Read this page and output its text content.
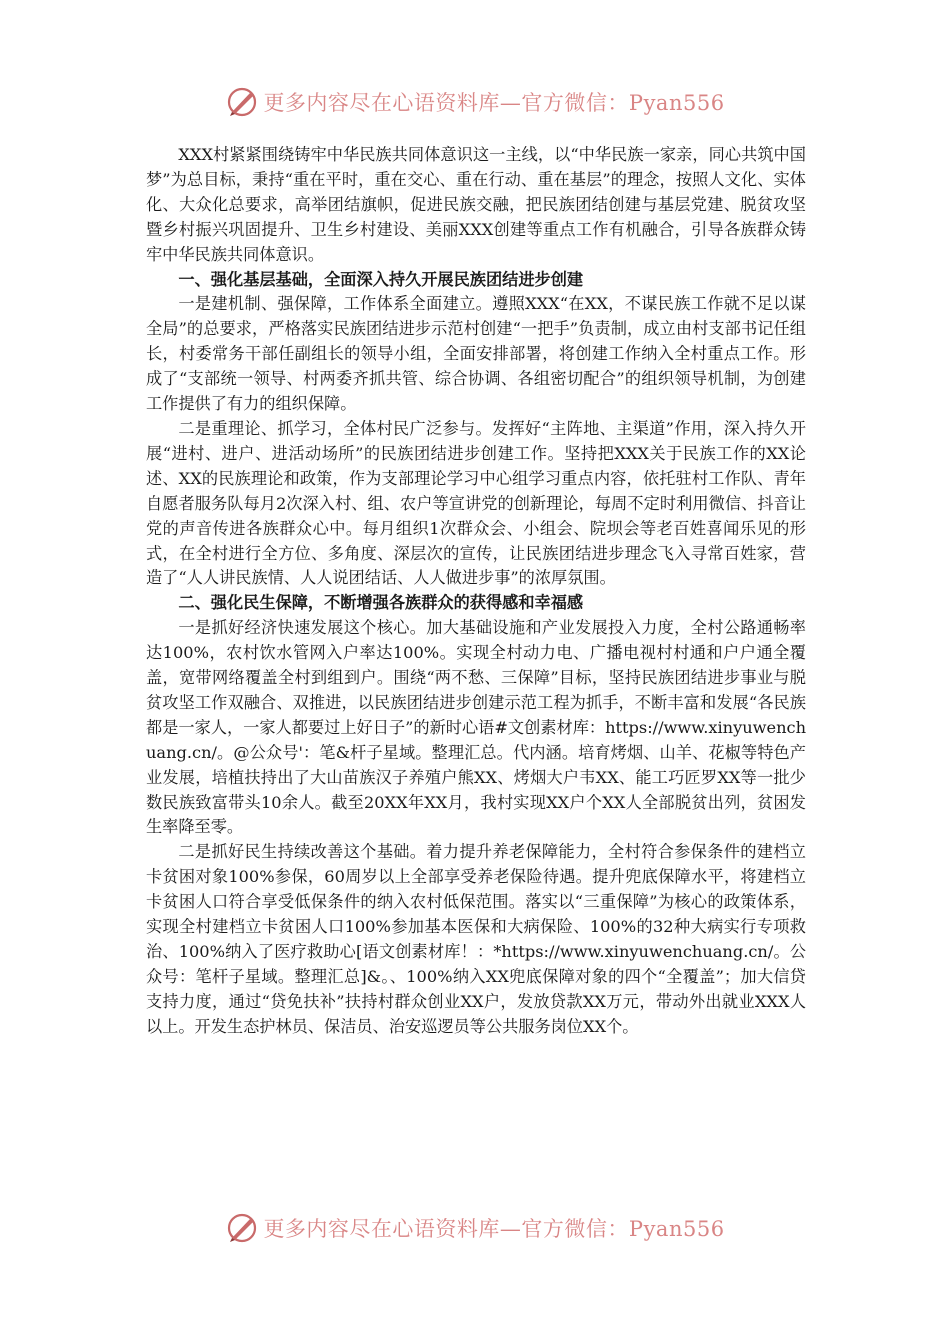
更多内容尽在心语资料库—官方微信：Pyan556

XXX村紧紧围绕铸牢中华民族共同体意识这一主线，以“中华民族一家亲，同心共筑中国梦”为总目标，秉持“重在平时，重在交心、重在行动、重在基层”的理念，按照人文化、实体化、大众化总要求，高举团结旗帜，促进民族交融，把民族团结创建与基层党建、脱贫攻坚暨乡村振兴巩固提升、卫生乡村建设、美丽XXX创建等重点工作有机融合，引导各族群众铸牢中华民族共同体意识。

一、强化基层基础，全面深入持久开展民族团结进步创建

一是建机制、强保障，工作体系全面建立。遵照XXX“在XX，不谋民族工作就不足以谋全局”的总要求，严格落实民族团结进步示范村创建“一把手”负责制，成立由村支部书记任组长，村委常务干部任副组长的领导小组，全面安排部署，将创建工作纳入全村重点工作。形成了“支部统一领导、村两委齐抓共管、综合协调、各组密切配合”的组织领导机制，为创建工作提供了有力的组织保障。

二是重理论、抓学习，全体村民广泛参与。发挥好“主阵地、主渠道”作用，深入持久开展“进村、进户、进活动场所”的民族团结进步创建工作。坚持把XXX关于民族工作的XX论述、XX的民族理论和政策，作为支部理论学习中心组学习重点内容，依托驻村工作队、青年自愿者服务队每月2次深入村、组、农户等宣讲党的创新理论，每周不定时利用微信、抖音让党的声音传进各族群众心中。每月组织1次群众会、小组会、院坝会等老百姓喜闻乐见的形式，在全村进行全方位、多角度、深层次的宣传，让民族团结进步理念飞入寻常百姓家，营造了“人人讲民族情、人人说团结话、人人做进步事”的浓厚氛围。

二、强化民生保障，不断增强各族群众的获得感和幸福感

一是抓好经济快速发展这个核心。加大基础设施和产业发展投入力度，全村公路通畅率达100%，农村饮水管网入户率达100%。实现全村动力电、广播电视村村通和户户通全覆盖，宽带网络覆盖全村到组到户。围绕“两不愁、三保障”目标，坚持民族团结进步事业与脱贫攻坚工作双融合、双推进，以民族团结进步创建示范工程为抓手，不断丰富和发展“各民族都是一家人，一家人都要过上好日子”的新时心语#文创素材库：https://www.xinyuwenchuang.cn/。@公众号'：笔&杆子星域。整理汇总。代内涵。培育烤烟、山羊、花椒等特色产业发展，培植扶持出了大山苗族汉子养殖户熊XX、烤烟大户韦XX、能工巧匠罗XX等一批少数民族致富带头10余人。截至20XX年XX月，我村实现XX户个XX人全部脱贫出列，贫困发生率降至零。

二是抓好民生持续改善这个基础。着力提升养老保障能力，全村符合参保条件的建档立卡贫困对象100%参保，60周岁以上全部享受养老保险待遇。提升兜底保障水平，将建档立卡贫困人口符合享受低保条件的纳入农村低保范围。落实以“三重保障”为核心的政策体系，实现全村建档立卡贫困人口100%参加基本医保和大病保险、100%的32种大病实行专项救治、100%纳入了医疗救助心[语文创素材库！：*https://www.xinyuwenchuang.cn/。公众号：笔杆子星域。整理汇总]&。、100%纳入XX兜底保障对象的四个“全覆盖”；加大信贷支持力度，通过“贷免扶补”扶持村群众创业XX户，发放贷款XX万元，带动外出就业XXX人以上。开发生态护林员、保洁员、治安巡逻员等公共服务岗位XX个。

更多内容尽在心语资料库—官方微信：Pyan556
